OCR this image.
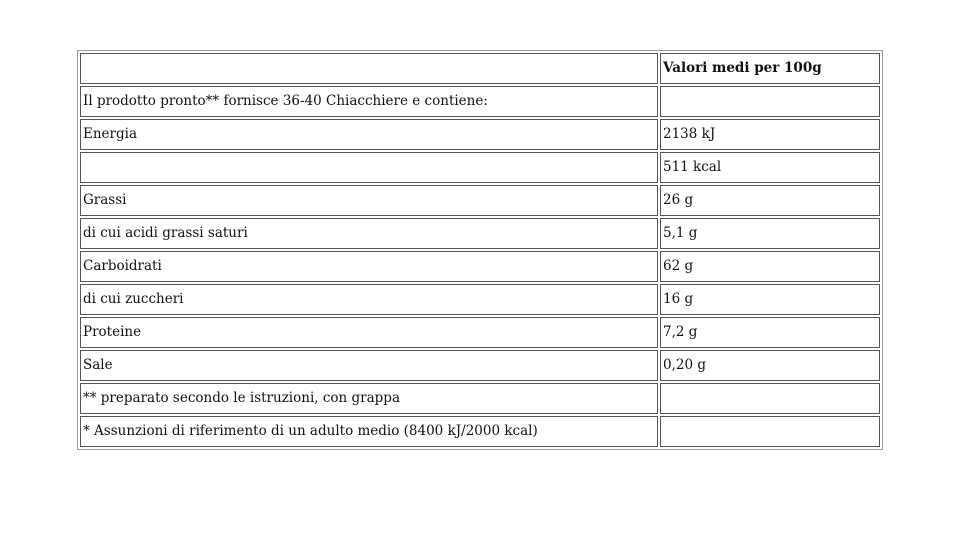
	Valori medi per 100g
Il prodotto pronto** fornisce 36-40 Chiacchiere e contiene:	
Energia	2138 kJ
	511 kcal
Grassi	26 g
di cui acidi grassi saturi	5,1 g
Carboidrati	62 g
di cui zuccheri	16 g
Proteine	7,2 g
Sale	0,20 g
** preparato secondo le istruzioni, con grappa	
* Assunzioni di riferimento di un adulto medio (8400 kJ/2000 kcal)	
